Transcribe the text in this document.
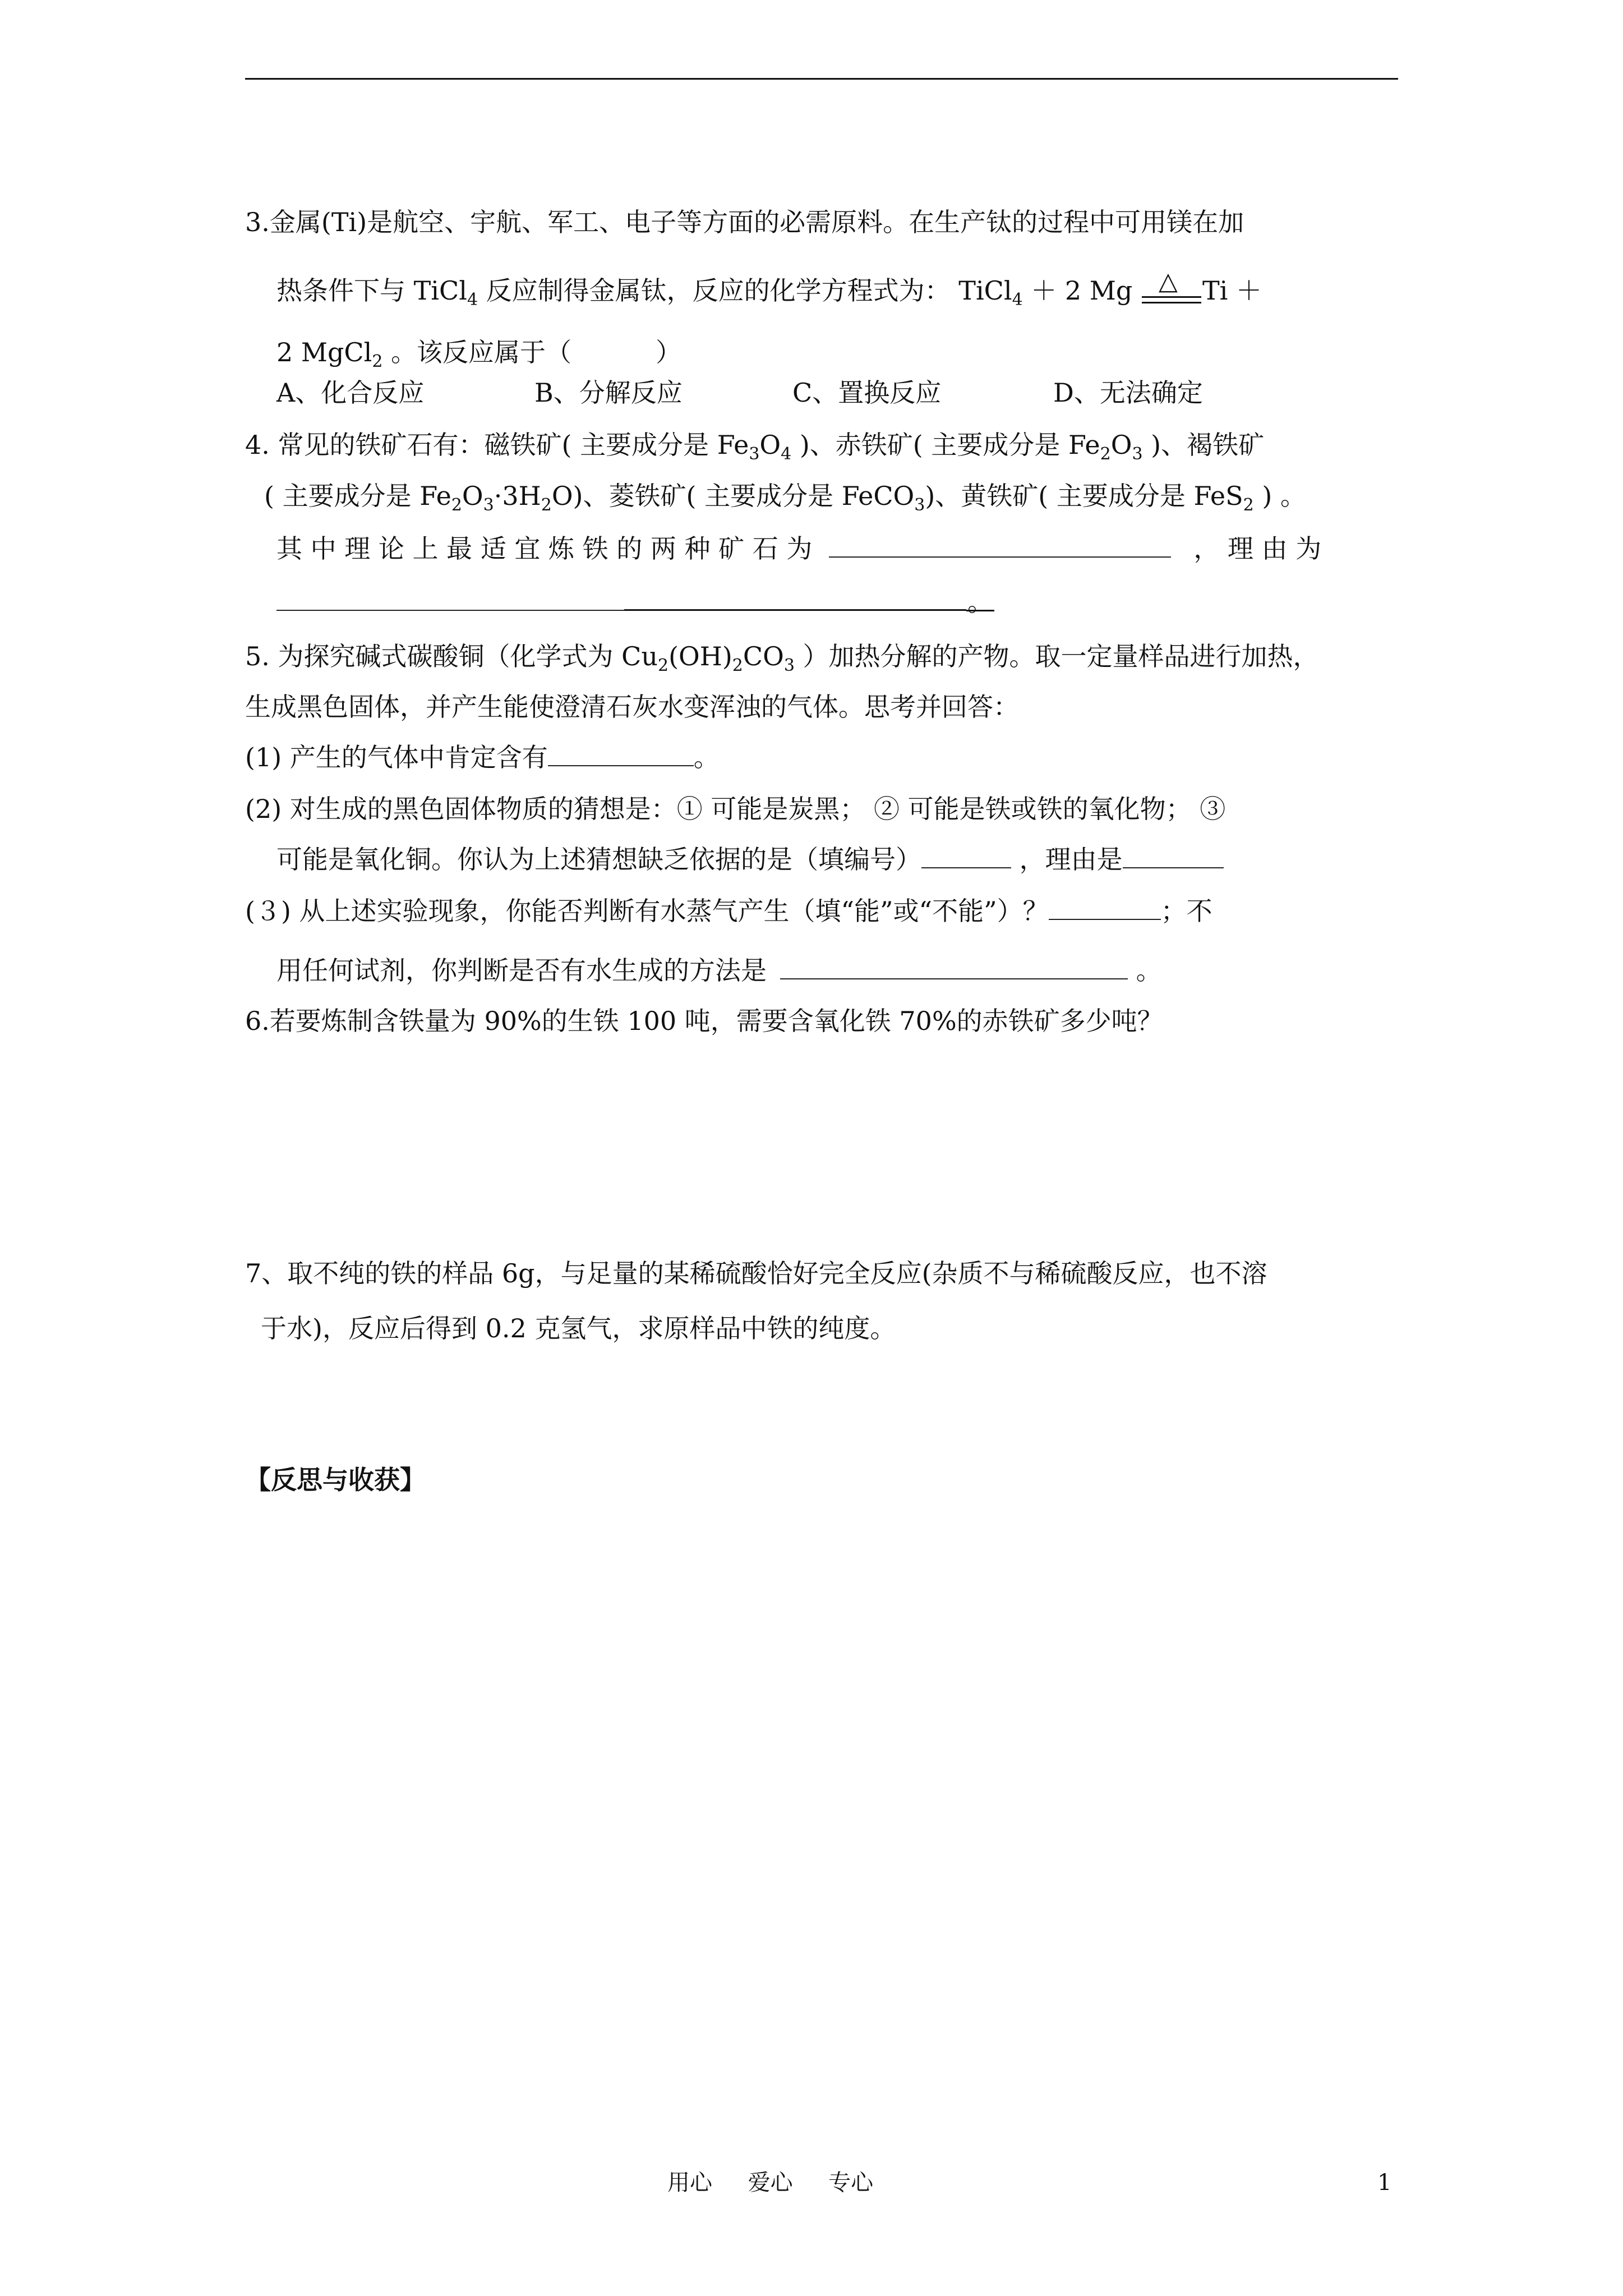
3.金属(Ti)是航空、宇航、军工、电子等方面的必需原料。在生产钛的过程中可用镁在加
热条件下与 TiCl$_4$ 反应制得金属钛，反应的化学方程式为： TiCl$_4$ ＋ 2 Mg △ Ti ＋
2 MgCl$_2$ 。该反应属于（	）
A、化合反应	B、分解反应	C、置换反应	D、无法确定
4. 常见的铁矿石有：磁铁矿( 主要成分是 $Fe_3O_4$ )、赤铁矿( 主要成分是 $Fe_2O_3$ )、褐铁矿
( 主要成分是 $Fe_2O_3\cdot 3H_2O$)、菱铁矿( 主要成分是 FeCO$_3$)、黄铁矿( 主要成分是 FeS$_2$ ) 。
其 中 理 论 上 最 适 宜 炼 铁 的 两 种 矿 石 为	， 理 由 为
。
5. 为探究碱式碳酸铜（化学式为 $Cu_2(OH)_2CO_3$ ）加热分解的产物。取一定量样品进行加热，
生成黑色固体，并产生能使澄清石灰水变浑浊的气体。思考并回答：
(1) 产生的气体中肯定含有	。
(2) 对生成的黑色固体物质的猜想是：① 可能是炭黑； ② 可能是铁或铁的氧化物； ③
可能是氧化铜。你认为上述猜想缺乏依据的是（填编号）	，理由是
(３) 从上述实验现象，你能否判断有水蒸气产生（填“能”或“不能”）？	；不
用任何试剂，你判断是否有水生成的方法是	。
6.若要炼制含铁量为 90%的生铁 100 吨，需要含氧化铁 70%的赤铁矿多少吨？
7、取不纯的铁的样品 6g，与足量的某稀硫酸恰好完全反应(杂质不与稀硫酸反应，也不溶
于水)，反应后得到 0.2 克氢气，求原样品中铁的纯度。
【反思与收获】
用心     爱心     专心	1
